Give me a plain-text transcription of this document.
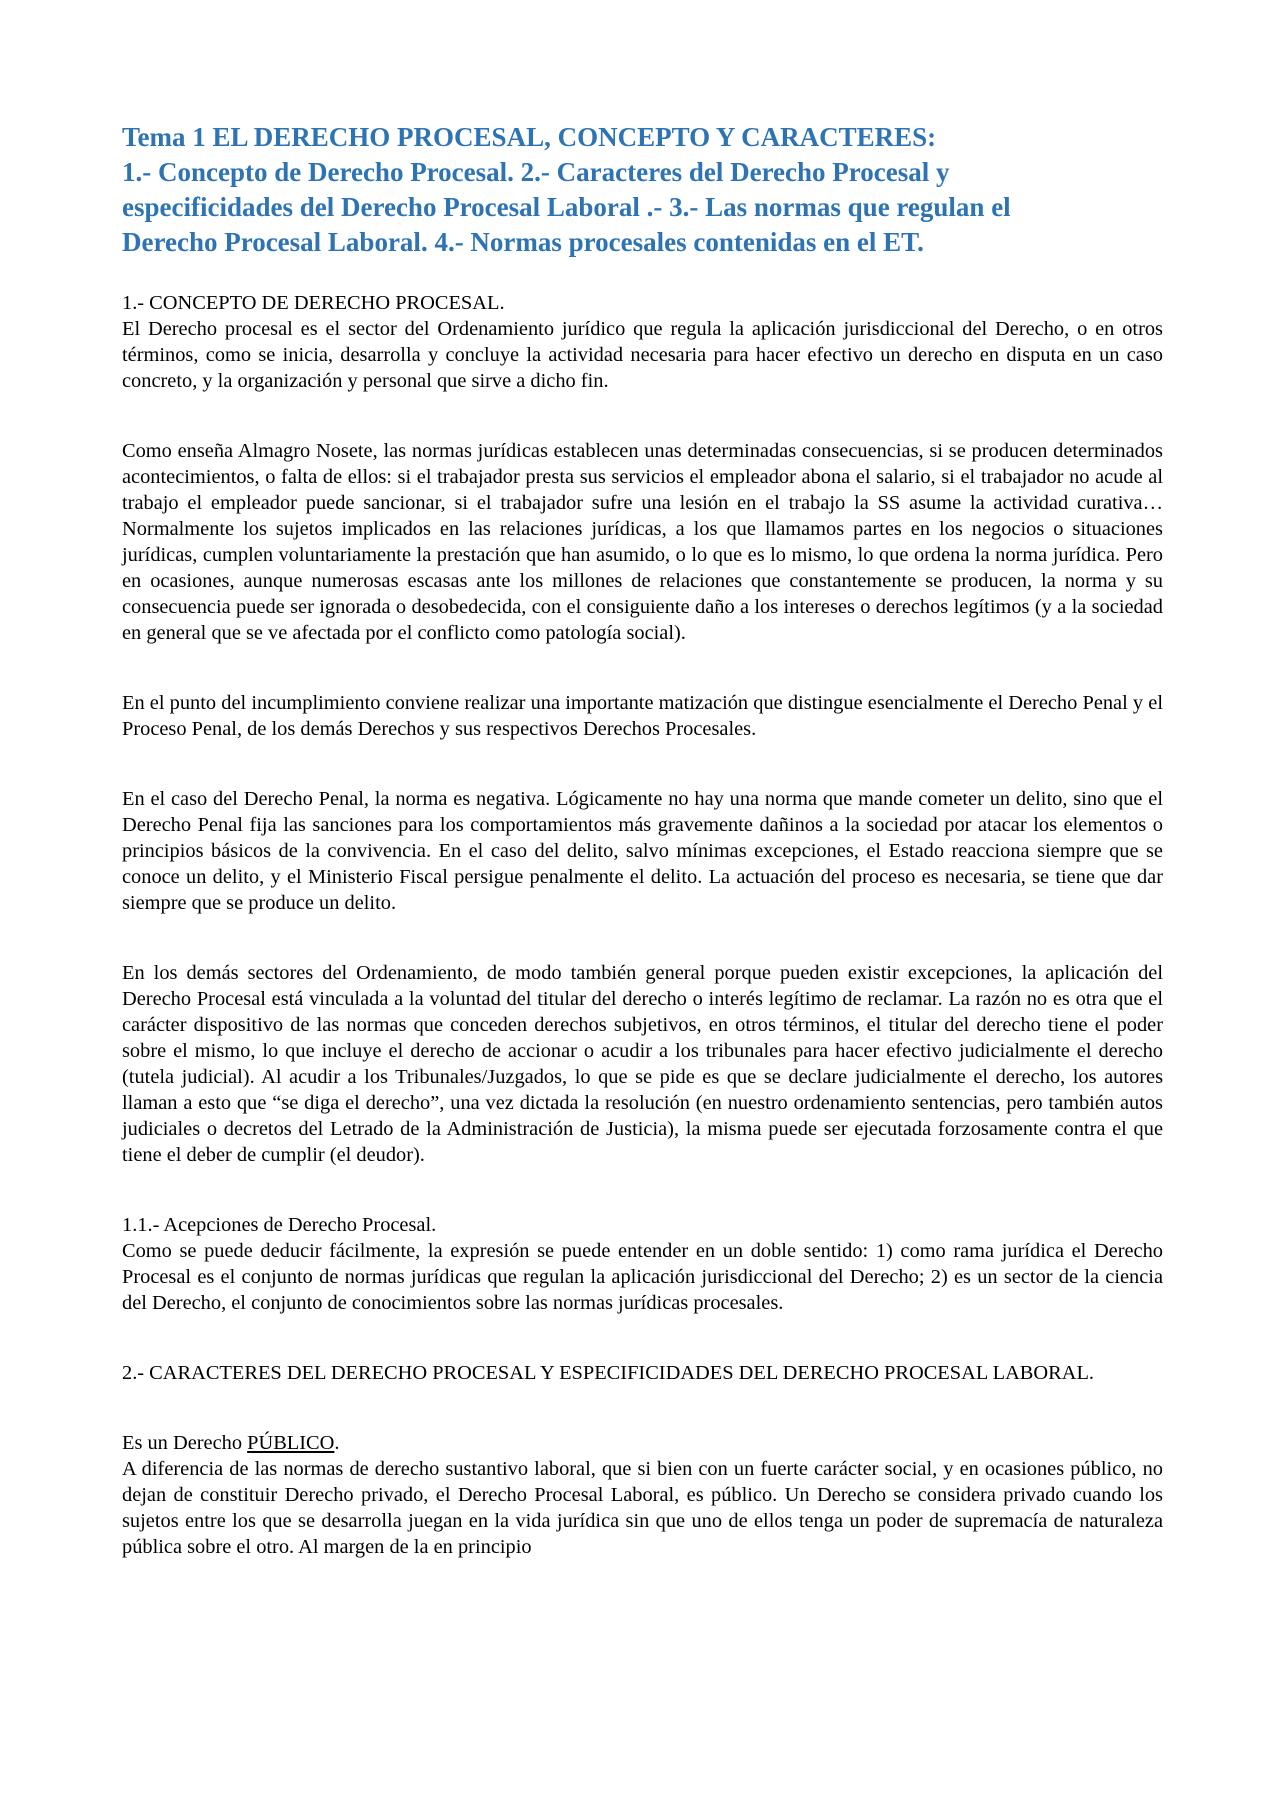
Tema 1 EL DERECHO PROCESAL, CONCEPTO Y CARACTERES:
1.- Concepto de Derecho Procesal. 2.- Caracteres del Derecho Procesal y
especificidades del Derecho Procesal Laboral .- 3.- Las normas que regulan el
Derecho Procesal Laboral. 4.- Normas procesales contenidas en el ET.

1.- CONCEPTO DE DERECHO PROCESAL.

El Derecho procesal es el sector del Ordenamiento jurídico que regula la aplicación jurisdiccional del Derecho, o en otros términos, como se inicia, desarrolla y concluye la actividad necesaria para hacer efectivo un derecho en disputa en un caso concreto, y la organización y personal que sirve a dicho fin.

Como enseña Almagro Nosete, las normas jurídicas establecen unas determinadas consecuencias, si se producen determinados acontecimientos, o falta de ellos: si el trabajador presta sus servicios el empleador abona el salario, si el trabajador no acude al trabajo el empleador puede sancionar, si el trabajador sufre una lesión en el trabajo la SS asume la actividad curativa… Normalmente los sujetos implicados en las relaciones jurídicas, a los que llamamos partes en los negocios o situaciones jurídicas, cumplen voluntariamente la prestación que han asumido, o lo que es lo mismo, lo que ordena la norma jurídica. Pero en ocasiones, aunque numerosas escasas ante los millones de relaciones que constantemente se producen, la norma y su consecuencia puede ser ignorada o desobedecida, con el consiguiente daño a los intereses o derechos legítimos (y a la sociedad en general que se ve afectada por el conflicto como patología social).

En el punto del incumplimiento conviene realizar una importante matización que distingue esencialmente el Derecho Penal y el Proceso Penal, de los demás Derechos y sus respectivos Derechos Procesales.

En el caso del Derecho Penal, la norma es negativa. Lógicamente no hay una norma que mande cometer un delito, sino que el Derecho Penal fija las sanciones para los comportamientos más gravemente dañinos a la sociedad por atacar los elementos o principios básicos de la convivencia. En el caso del delito, salvo mínimas excepciones, el Estado reacciona siempre que se conoce un delito, y el Ministerio Fiscal persigue penalmente el delito. La actuación del proceso es necesaria, se tiene que dar siempre que se produce un delito.

En los demás sectores del Ordenamiento, de modo también general porque pueden existir excepciones, la aplicación del Derecho Procesal está vinculada a la voluntad del titular del derecho o interés legítimo de reclamar. La razón no es otra que el carácter dispositivo de las normas que conceden derechos subjetivos, en otros términos, el titular del derecho tiene el poder sobre el mismo, lo que incluye el derecho de accionar o acudir a los tribunales para hacer efectivo judicialmente el derecho (tutela judicial). Al acudir a los Tribunales/Juzgados, lo que se pide es que se declare judicialmente el derecho, los autores llaman a esto que “se diga el derecho”, una vez dictada la resolución (en nuestro ordenamiento sentencias, pero también autos judiciales o decretos del Letrado de la Administración de Justicia), la misma puede ser ejecutada forzosamente contra el que tiene el deber de cumplir (el deudor).

1.1.- Acepciones de Derecho Procesal.

Como se puede deducir fácilmente, la expresión se puede entender en un doble sentido: 1) como rama jurídica el Derecho Procesal es el conjunto de normas jurídicas que regulan la aplicación jurisdiccional del Derecho; 2) es un sector de la ciencia del Derecho, el conjunto de conocimientos sobre las normas jurídicas procesales.

2.- CARACTERES DEL DERECHO PROCESAL Y ESPECIFICIDADES DEL DERECHO PROCESAL LABORAL.

Es un Derecho PÚBLICO.

A diferencia de las normas de derecho sustantivo laboral, que si bien con un fuerte carácter social, y en ocasiones público, no dejan de constituir Derecho privado, el Derecho Procesal Laboral, es público. Un Derecho se considera privado cuando los sujetos entre los que se desarrolla juegan en la vida jurídica sin que uno de ellos tenga un poder de supremacía de naturaleza pública sobre el otro. Al margen de la en principio
